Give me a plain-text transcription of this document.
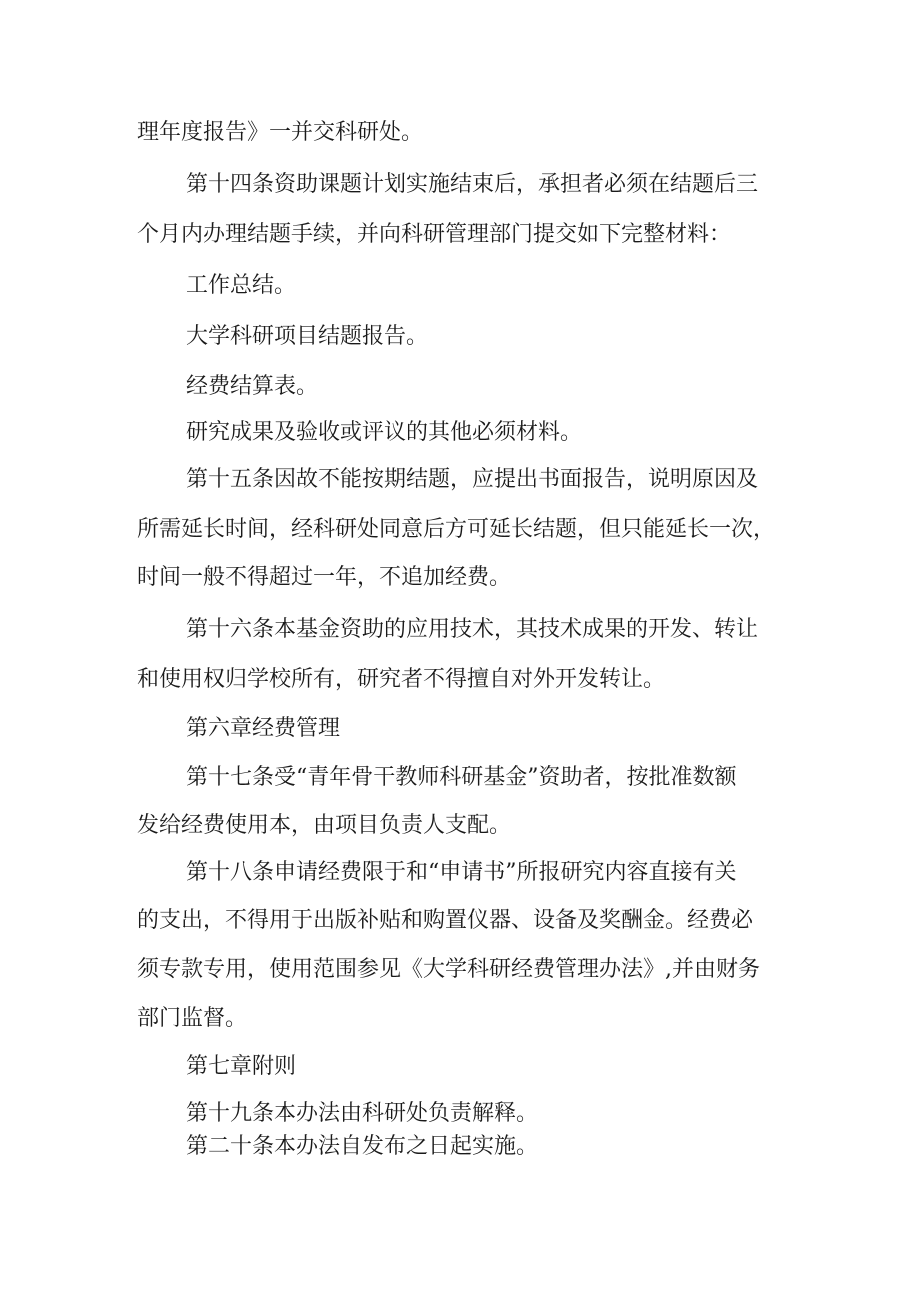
理年度报告》一并交科研处。

第十四条资助课题计划实施结束后，承担者必须在结题后三

个月内办理结题手续，并向科研管理部门提交如下完整材料：

工作总结。

大学科研项目结题报告。

经费结算表。

研究成果及验收或评议的其他必须材料。

第十五条因故不能按期结题，应提出书面报告，说明原因及

所需延长时间，经科研处同意后方可延长结题，但只能延长一次，

时间一般不得超过一年，不追加经费。

第十六条本基金资助的应用技术，其技术成果的开发、转让

和使用权归学校所有，研究者不得擅自对外开发转让。

第六章经费管理

第十七条受“青年骨干教师科研基金”资助者，按批准数额

发给经费使用本，由项目负责人支配。

第十八条申请经费限于和“申请书”所报研究内容直接有关

的支出，不得用于出版补贴和购置仪器、设备及奖酬金。经费必

须专款专用，使用范围参见《大学科研经费管理办法》,并由财务

部门监督。

第七章附则

第十九条本办法由科研处负责解释。

第二十条本办法自发布之日起实施。
